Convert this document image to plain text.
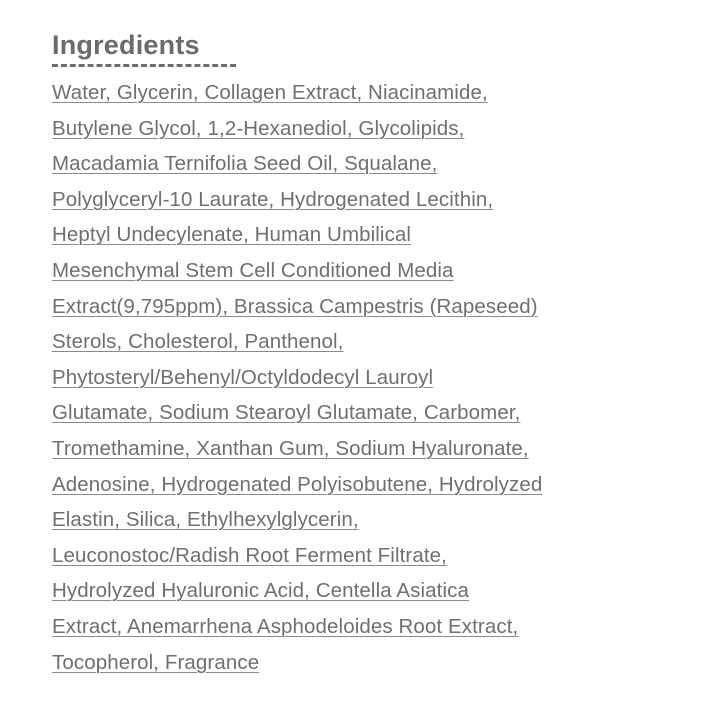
Ingredients
Water, Glycerin, Collagen Extract, Niacinamide,
Butylene Glycol, 1,2-Hexanediol, Glycolipids,
Macadamia Ternifolia Seed Oil, Squalane,
Polyglyceryl-10 Laurate, Hydrogenated Lecithin,
Heptyl Undecylenate, Human Umbilical
Mesenchymal Stem Cell Conditioned Media
Extract(9,795ppm), Brassica Campestris (Rapeseed)
Sterols, Cholesterol, Panthenol,
Phytosteryl/Behenyl/Octyldodecyl Lauroyl
Glutamate, Sodium Stearoyl Glutamate, Carbomer,
Tromethamine, Xanthan Gum, Sodium Hyaluronate,
Adenosine, Hydrogenated Polyisobutene, Hydrolyzed
Elastin, Silica, Ethylhexylglycerin,
Leuconostoc/Radish Root Ferment Filtrate,
Hydrolyzed Hyaluronic Acid, Centella Asiatica
Extract, Anemarrhena Asphodeloides Root Extract,
Tocopherol, Fragrance
